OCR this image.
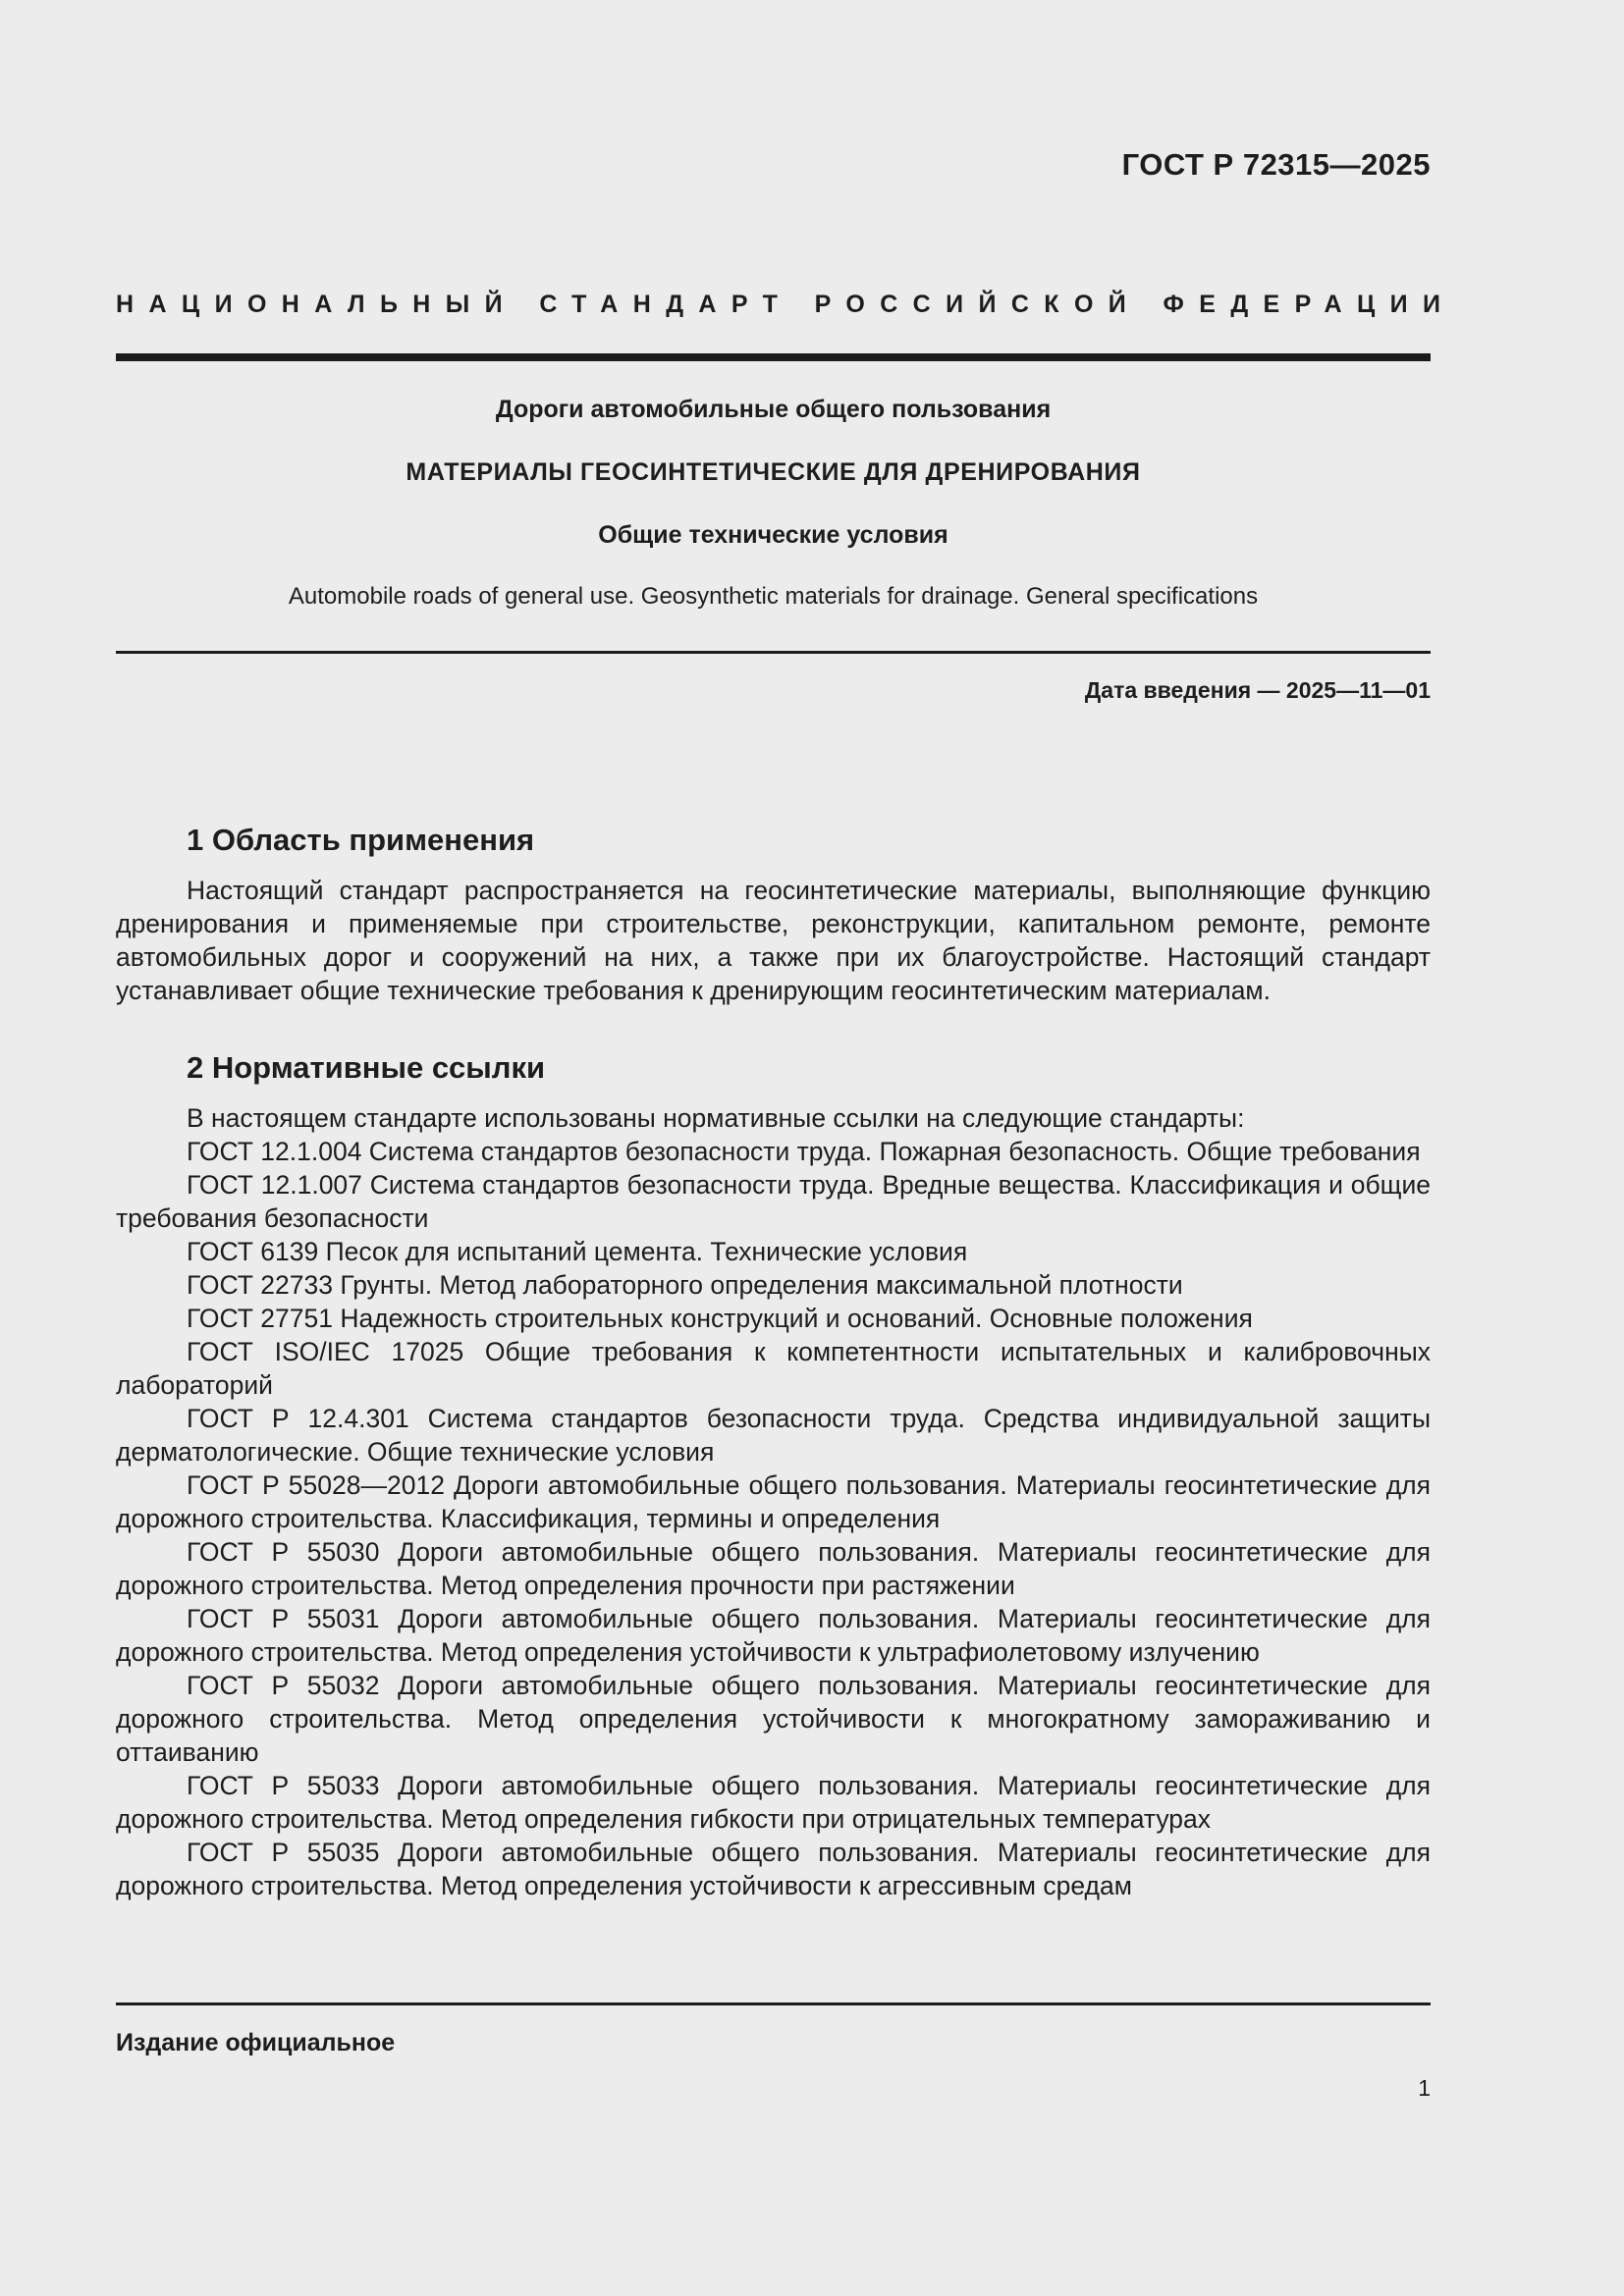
ГОСТ Р 72315—2025
НАЦИОНАЛЬНЫЙ СТАНДАРТ РОССИЙСКОЙ ФЕДЕРАЦИИ
Дороги автомобильные общего пользования
МАТЕРИАЛЫ ГЕОСИНТЕТИЧЕСКИЕ ДЛЯ ДРЕНИРОВАНИЯ
Общие технические условия
Automobile roads of general use. Geosynthetic materials for drainage. General specifications
Дата введения — 2025—11—01
1 Область применения

Настоящий стандарт распространяется на геосинтетические материалы, выполняющие функцию дренирования и применяемые при строительстве, реконструкции, капитальном ремонте, ремонте автомобильных дорог и сооружений на них, а также при их благоустройстве. Настоящий стандарт устанавливает общие технические требования к дренирующим геосинтетическим материалам.

2 Нормативные ссылки

В настоящем стандарте использованы нормативные ссылки на следующие стандарты:

ГОСТ 12.1.004 Система стандартов безопасности труда. Пожарная безопасность. Общие требования

ГОСТ 12.1.007 Система стандартов безопасности труда. Вредные вещества. Классификация и общие требования безопасности

ГОСТ 6139 Песок для испытаний цемента. Технические условия

ГОСТ 22733 Грунты. Метод лабораторного определения максимальной плотности

ГОСТ 27751 Надежность строительных конструкций и оснований. Основные положения

ГОСТ ISO/IEC 17025 Общие требования к компетентности испытательных и калибровочных лабораторий

ГОСТ Р 12.4.301 Система стандартов безопасности труда. Средства индивидуальной защиты дерматологические. Общие технические условия

ГОСТ Р 55028—2012 Дороги автомобильные общего пользования. Материалы геосинтетические для дорожного строительства. Классификация, термины и определения

ГОСТ Р 55030 Дороги автомобильные общего пользования. Материалы геосинтетические для дорожного строительства. Метод определения прочности при растяжении

ГОСТ Р 55031 Дороги автомобильные общего пользования. Материалы геосинтетические для дорожного строительства. Метод определения устойчивости к ультрафиолетовому излучению

ГОСТ Р 55032 Дороги автомобильные общего пользования. Материалы геосинтетические для дорожного строительства. Метод определения устойчивости к многократному замораживанию и оттаиванию

ГОСТ Р 55033 Дороги автомобильные общего пользования. Материалы геосинтетические для дорожного строительства. Метод определения гибкости при отрицательных температурах

ГОСТ Р 55035 Дороги автомобильные общего пользования. Материалы геосинтетические для дорожного строительства. Метод определения устойчивости к агрессивным средам

Издание официальное
1
